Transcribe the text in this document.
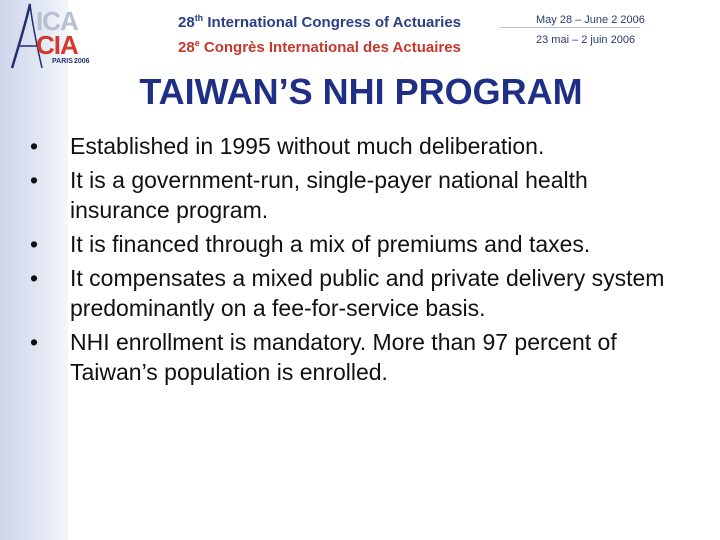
ICA
CIA
PARIS 2006
28th International Congress of Actuaries
28e Congrès International des Actuaires
May 28 – June 2 2006
23 mai – 2 juin 2006
TAIWAN’S NHI PROGRAM
• Established in 1995 without much deliberation.
• It is a government-run, single-payer national health insurance program.
• It is financed through a mix of premiums and taxes.
• It compensates a mixed public and private delivery system predominantly on a fee-for-service basis.
• NHI enrollment is mandatory. More than 97 percent of Taiwan’s population is enrolled.
